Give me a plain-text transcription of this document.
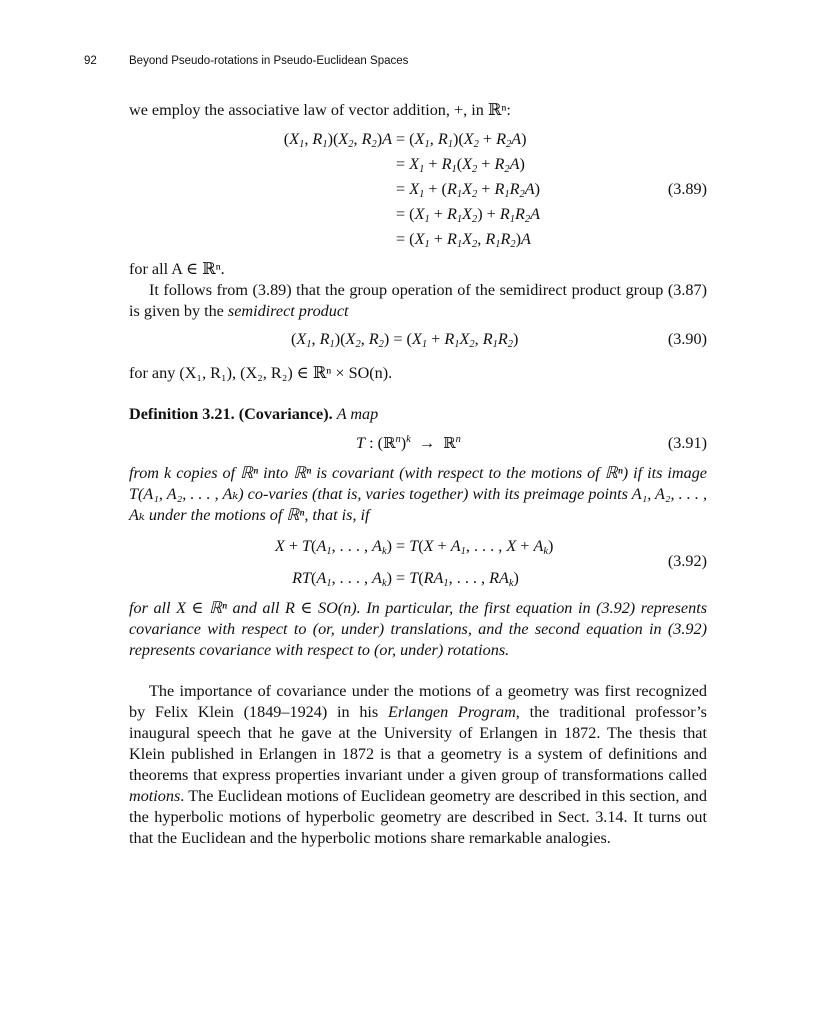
92	Beyond Pseudo-rotations in Pseudo-Euclidean Spaces
we employ the associative law of vector addition, +, in ℝⁿ:
($X_1$, $R_1)(X_2$, $R_2)A = (X_1$, $R_1)(X_2 + R_2A)$
= $X_1 + R_1(X_2 + R_2A)$
= $X_1 + (R_1X_2 + R_1R_2A)$
= $(X_1 + R_1X_2) + R_1R_2A$
= ($X_1 + R_1X_2$, $R_1R_2)A$
(3.89)
for all A ∈ ℝⁿ.
It follows from (3.89) that the group operation of the semidirect product group (3.87) is given by the semidirect product
($X_1$, $R_1)(X_2$, $R_2) = (X_1 + R_1X_2$, $R_1R_2$)	(3.90)
for any (X₁, R₁), (X₂, R₂) ∈ ℝⁿ × SO(n).
Definition 3.21. (Covariance). A map
T : (ℝ$^n$)$^k$  →  ℝ$^n$	(3.91)
from k copies of ℝⁿ into ℝⁿ is covariant (with respect to the motions of ℝⁿ) if its image T(A₁, A₂, . . . , Aₖ) co-varies (that is, varies together) with its preimage points A₁, A₂, . . . , Aₖ under the motions of ℝⁿ, that is, if
$X + T(A_1$, . . . , $A_k) = T(X + A_1$, . . . , $X + A_k$)
$RT(A_1$, . . . , $A_k) = T(RA_1$, . . . , $RA_k$)
(3.92)
for all X ∈ ℝⁿ and all R ∈ SO(n). In particular, the first equation in (3.92) represents covariance with respect to (or, under) translations, and the second equation in (3.92) represents covariance with respect to (or, under) rotations.
The importance of covariance under the motions of a geometry was first recognized by Felix Klein (1849–1924) in his Erlangen Program, the traditional professor’s inaugural speech that he gave at the University of Erlangen in 1872. The thesis that Klein published in Erlangen in 1872 is that a geometry is a system of definitions and theorems that express properties invariant under a given group of transformations called motions. The Euclidean motions of Euclidean geometry are described in this section, and the hyperbolic motions of hyperbolic geometry are described in Sect. 3.14. It turns out that the Euclidean and the hyperbolic motions share remarkable analogies.
